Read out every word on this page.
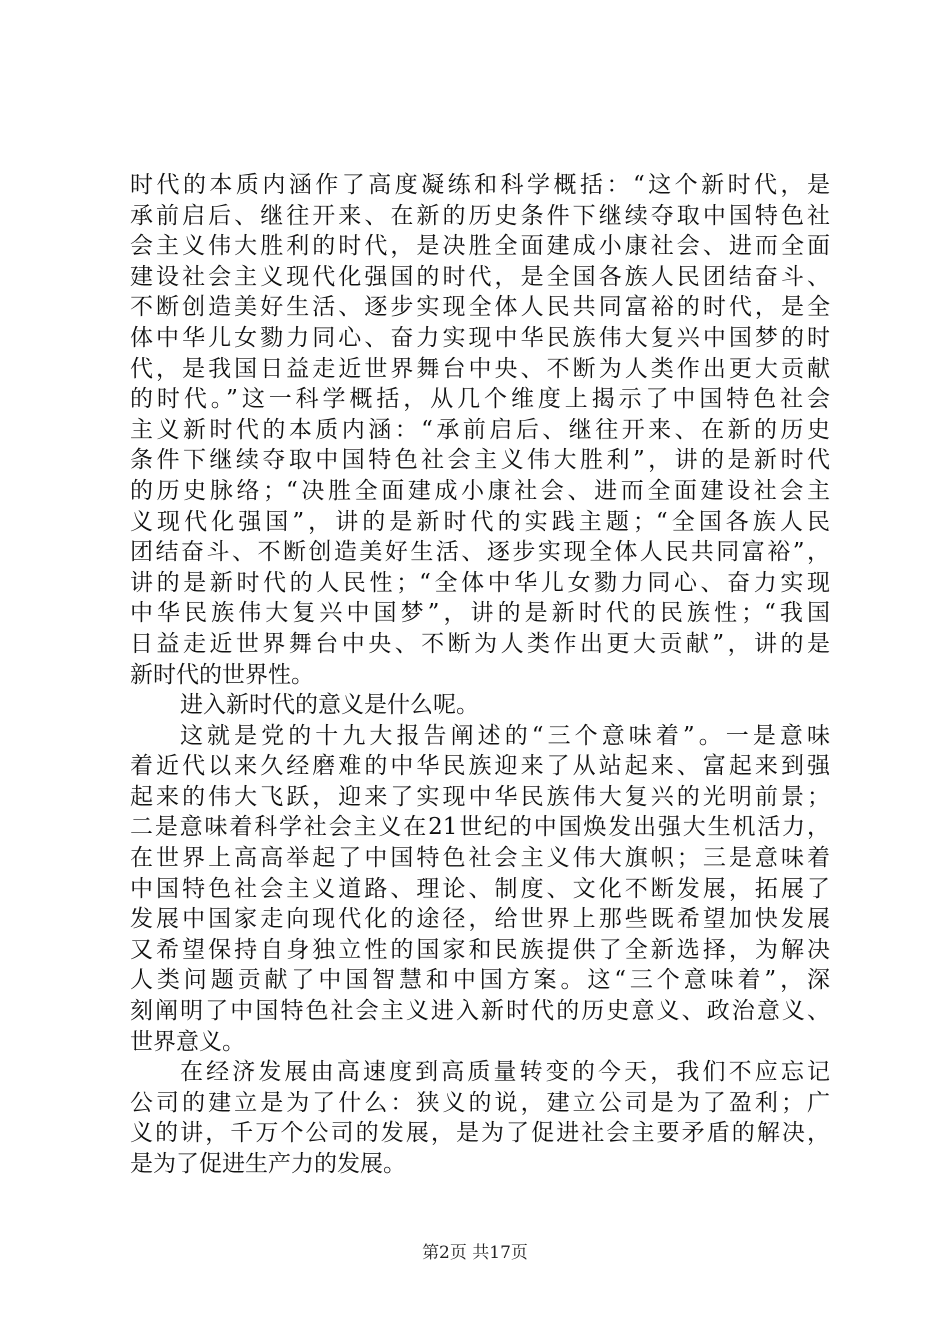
时代的本质内涵作了高度凝练和科学概括：“这个新时代，是
承前启后、继往开来、在新的历史条件下继续夺取中国特色社
会主义伟大胜利的时代，是决胜全面建成小康社会、进而全面
建设社会主义现代化强国的时代，是全国各族人民团结奋斗、
不断创造美好生活、逐步实现全体人民共同富裕的时代，是全
体中华儿女勠力同心、奋力实现中华民族伟大复兴中国梦的时
代，是我国日益走近世界舞台中央、不断为人类作出更大贡献
的时代。”这一科学概括，从几个维度上揭示了中国特色社会
主义新时代的本质内涵：“承前启后、继往开来、在新的历史
条件下继续夺取中国特色社会主义伟大胜利”，讲的是新时代
的历史脉络；“决胜全面建成小康社会、进而全面建设社会主
义现代化强国”，讲的是新时代的实践主题；“全国各族人民
团结奋斗、不断创造美好生活、逐步实现全体人民共同富裕”，
讲的是新时代的人民性；“全体中华儿女勠力同心、奋力实现
中华民族伟大复兴中国梦”，讲的是新时代的民族性；“我国
日益走近世界舞台中央、不断为人类作出更大贡献”，讲的是
新时代的世界性。
进入新时代的意义是什么呢。
这就是党的十九大报告阐述的“三个意味着”。一是意味
着近代以来久经磨难的中华民族迎来了从站起来、富起来到强
起来的伟大飞跃，迎来了实现中华民族伟大复兴的光明前景；
二是意味着科学社会主义在21世纪的中国焕发出强大生机活力，
在世界上高高举起了中国特色社会主义伟大旗帜；三是意味着
中国特色社会主义道路、理论、制度、文化不断发展，拓展了
发展中国家走向现代化的途径，给世界上那些既希望加快发展
又希望保持自身独立性的国家和民族提供了全新选择，为解决
人类问题贡献了中国智慧和中国方案。这“三个意味着”，深
刻阐明了中国特色社会主义进入新时代的历史意义、政治意义、
世界意义。
在经济发展由高速度到高质量转变的今天，我们不应忘记
公司的建立是为了什么：狭义的说，建立公司是为了盈利；广
义的讲，千万个公司的发展，是为了促进社会主要矛盾的解决，
是为了促进生产力的发展。
第2页 共17页
